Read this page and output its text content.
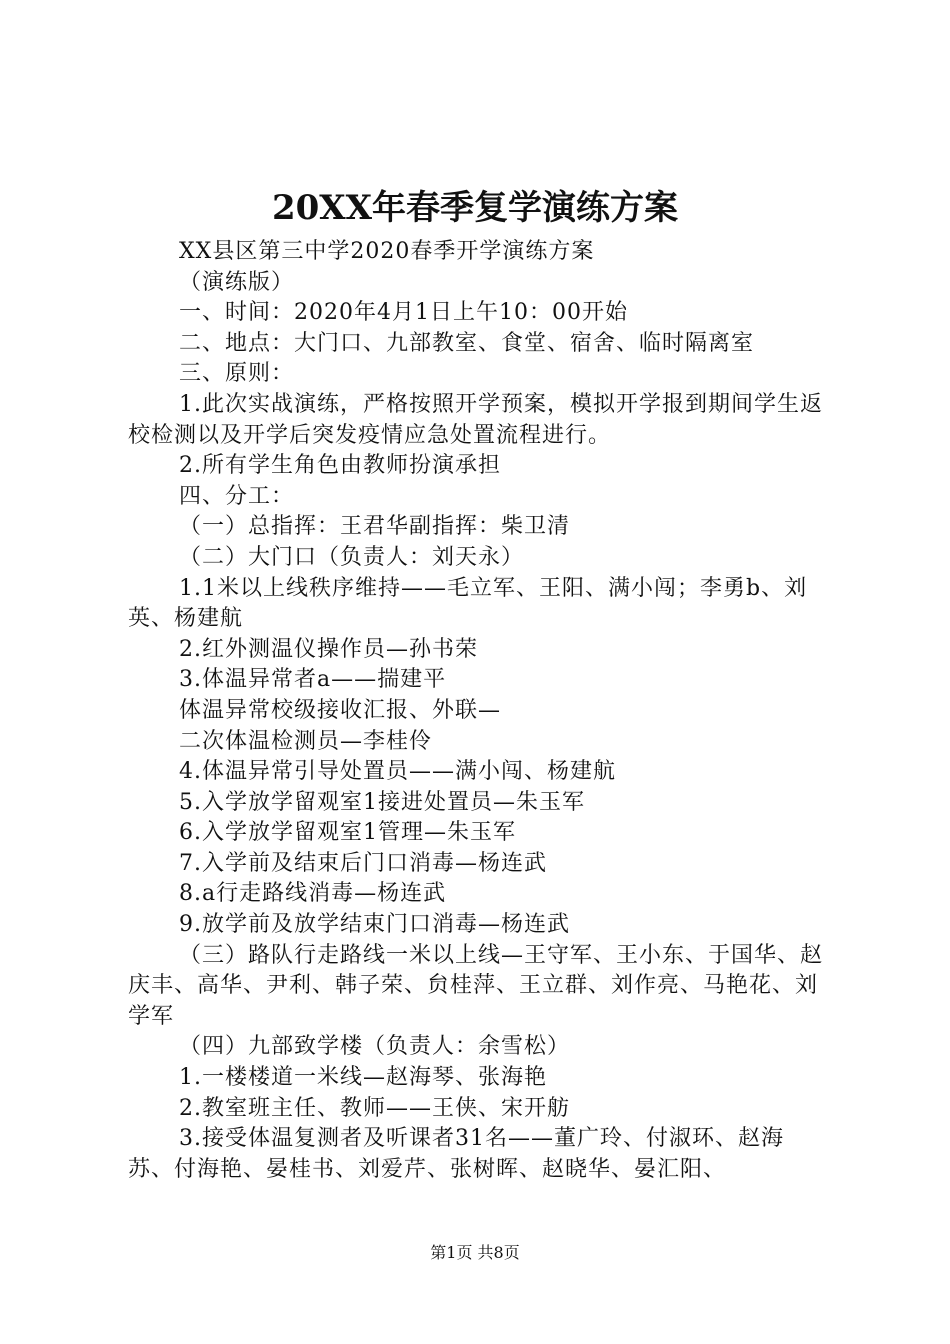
20XX年春季复学演练方案

XX县区第三中学2020春季开学演练方案

（演练版）

一、时间：2020年4月1日上午10：00开始

二、地点：大门口、九部教室、食堂、宿舍、临时隔离室

三、原则：

1.此次实战演练，严格按照开学预案，模拟开学报到期间学生返校检测以及开学后突发疫情应急处置流程进行。

2.所有学生角色由教师扮演承担

四、分工：

（一）总指挥：王君华副指挥：柴卫清

（二）大门口（负责人：刘天永）

1.1米以上线秩序维持——毛立军、王阳、满小闯；李勇b、刘英、杨建航

2.红外测温仪操作员—孙书荣

3.体温异常者a——揣建平

体温异常校级接收汇报、外联—

二次体温检测员—李桂伶

4.体温异常引导处置员——满小闯、杨建航

5.入学放学留观室1接进处置员—朱玉军

6.入学放学留观室1管理—朱玉军

7.入学前及结束后门口消毒—杨连武

8.a行走路线消毒—杨连武

9.放学前及放学结束门口消毒—杨连武

（三）路队行走路线一米以上线—王守军、王小东、于国华、赵庆丰、高华、尹利、韩子荣、贠桂萍、王立群、刘作亮、马艳花、刘学军

（四）九部致学楼（负责人：余雪松）

1.一楼楼道一米线—赵海琴、张海艳

2.教室班主任、教师——王侠、宋开舫

3.接受体温复测者及听课者31名——董广玲、付淑环、赵海苏、付海艳、晏桂书、刘爱芹、张树晖、赵晓华、晏汇阳、

第1页 共8页
